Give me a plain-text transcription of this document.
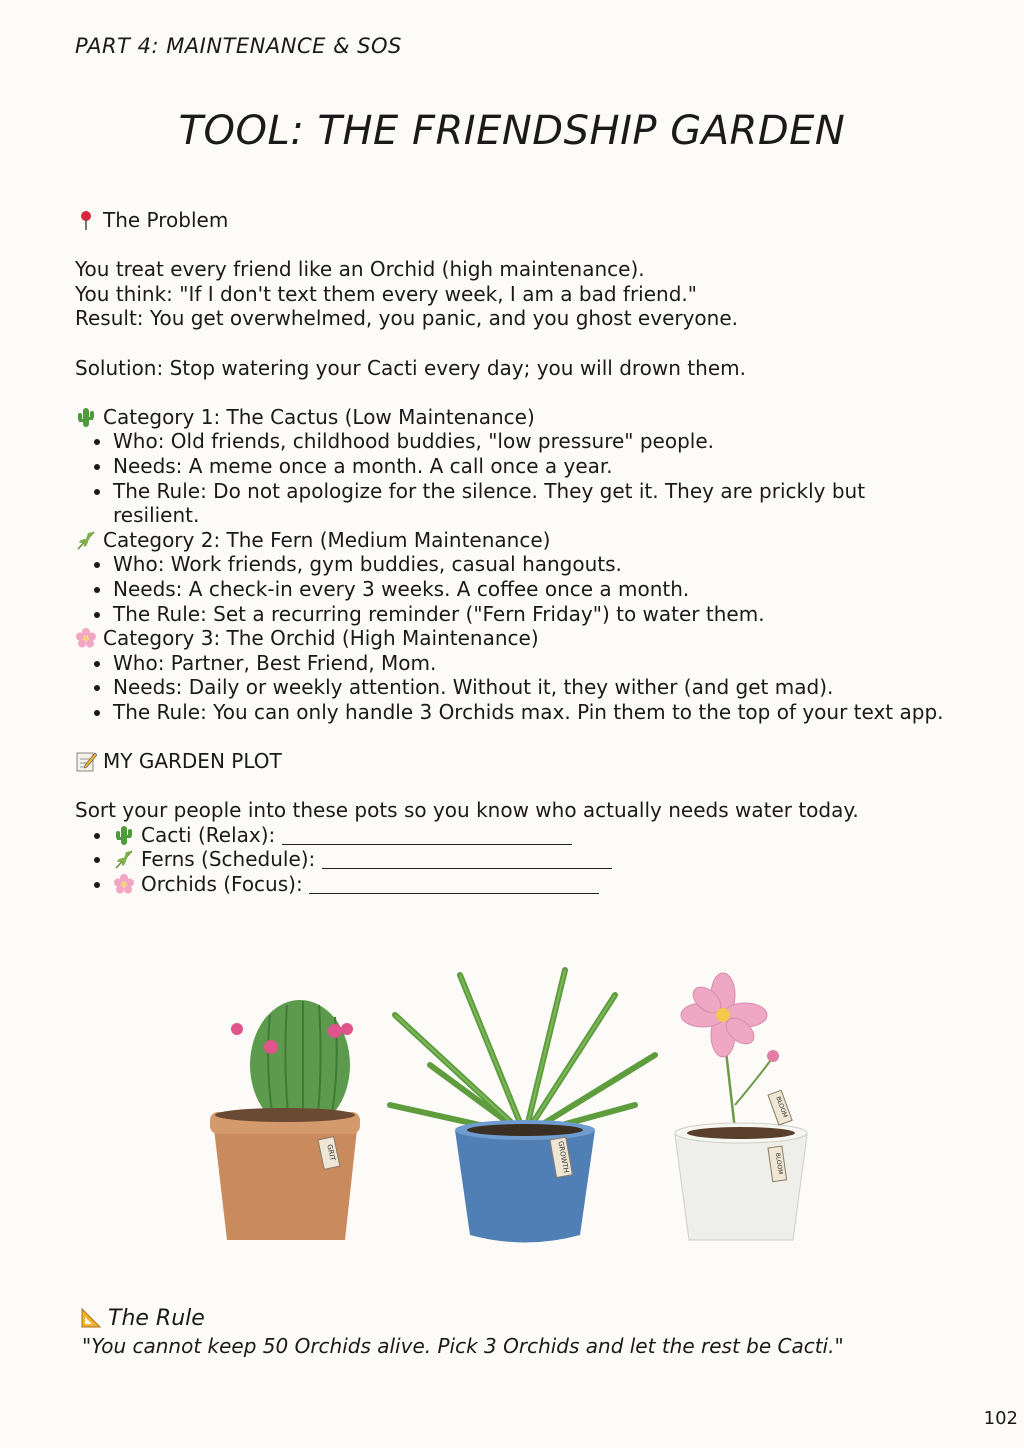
PART 4: MAINTENANCE & SOS
TOOL: THE FRIENDSHIP GARDEN
The Problem
You treat every friend like an Orchid (high maintenance).
You think: "If I don't text them every week, I am a bad friend."
Result: You get overwhelmed, you panic, and you ghost everyone.
Solution: Stop watering your Cacti every day; you will drown them.
Category 1: The Cactus (Low Maintenance)
• Who: Old friends, childhood buddies, "low pressure" people.
• Needs: A meme once a month. A call once a year.
• The Rule: Do not apologize for the silence. They get it. They are prickly but resilient.
Category 2: The Fern (Medium Maintenance)
• Who: Work friends, gym buddies, casual hangouts.
• Needs: A check-in every 3 weeks. A coffee once a month.
• The Rule: Set a recurring reminder ("Fern Friday") to water them.
Category 3: The Orchid (High Maintenance)
• Who: Partner, Best Friend, Mom.
• Needs: Daily or weekly attention. Without it, they wither (and get mad).
• The Rule: You can only handle 3 Orchids max. Pin them to the top of your text app.
MY GARDEN PLOT
Sort your people into these pots so you know who actually needs water today.
• Cacti (Relax):
• Ferns (Schedule):
• Orchids (Focus):
GRIT	GROWTH
BLOOM
BLOOM
The Rule
"You cannot keep 50 Orchids alive. Pick 3 Orchids and let the rest be Cacti."
102
